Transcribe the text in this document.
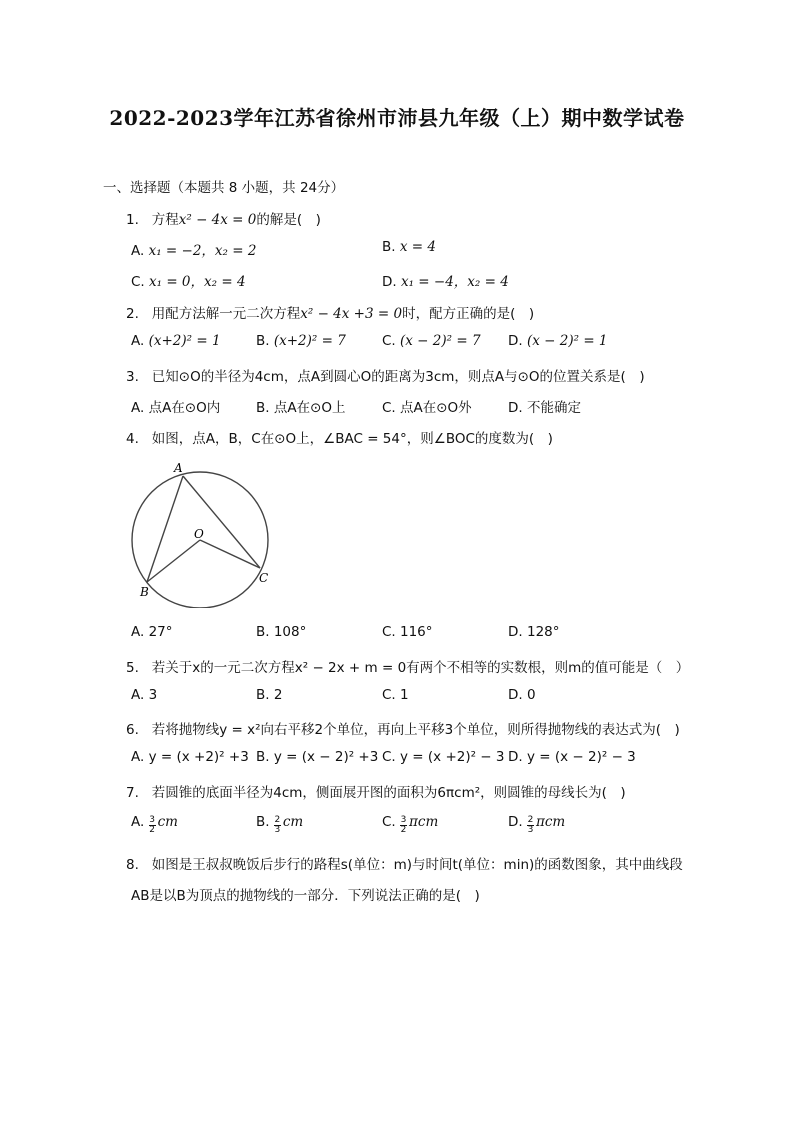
2022-2023学年江苏省徐州市沛县九年级（上）期中数学试卷
一、选择题（本题共 8 小题，共 24分）
1. 方程x² − 4x = 0的解是(　)
A. x₁ = −2，x₂ = 2	B. x = 4
C. x₁ = 0，x₂ = 4	D. x₁ = −4，x₂ = 4
2. 用配方法解一元二次方程x² − 4x +3 = 0时，配方正确的是(　)
A. (x+2)² = 1	B. (x+2)² = 7	C. (x − 2)² = 7 D. (x − 2)² = 1
3. 已知⊙O的半径为4cm，点A到圆心O的距离为3cm，则点A与⊙O的位置关系是(　)
A. 点A在⊙O内	B. 点A在⊙O上	C. 点A在⊙O外	D. 不能确定
4. 如图，点A，B，C在⊙O上，∠BAC = 54°，则∠BOC的度数为(　)
A
B
C
O
A. 27°	B. 108°	C. 116°	D. 128°
5. 若关于x的一元二次方程x² − 2x + m = 0有两个不相等的实数根，则m的值可能是（　）
A. 3	B. 2	C. 1	D. 0
6. 若将抛物线y = x²向右平移2个单位，再向上平移3个单位，则所得抛物线的表达式为(　)
A. y = (x +2)² +3 B. y = (x − 2)² +3 C. y = (x +2)² − 3 D. y = (x − 2)² − 3
7. 若圆锥的底面半径为4cm，侧面展开图的面积为6πcm²，则圆锥的母线长为(　)
A. $\frac{3}{2}$ cm	B. $\frac{2}{3}$ cm	C. $\frac{3}{2}$ πcm	D. $\frac{2}{3}$ πcm
8. 如图是王叔叔晚饭后步行的路程s(单位：m)与时间t(单位：min)的函数图象，其中曲线段
AB是以B为顶点的抛物线的一部分．下列说法正确的是(　)
